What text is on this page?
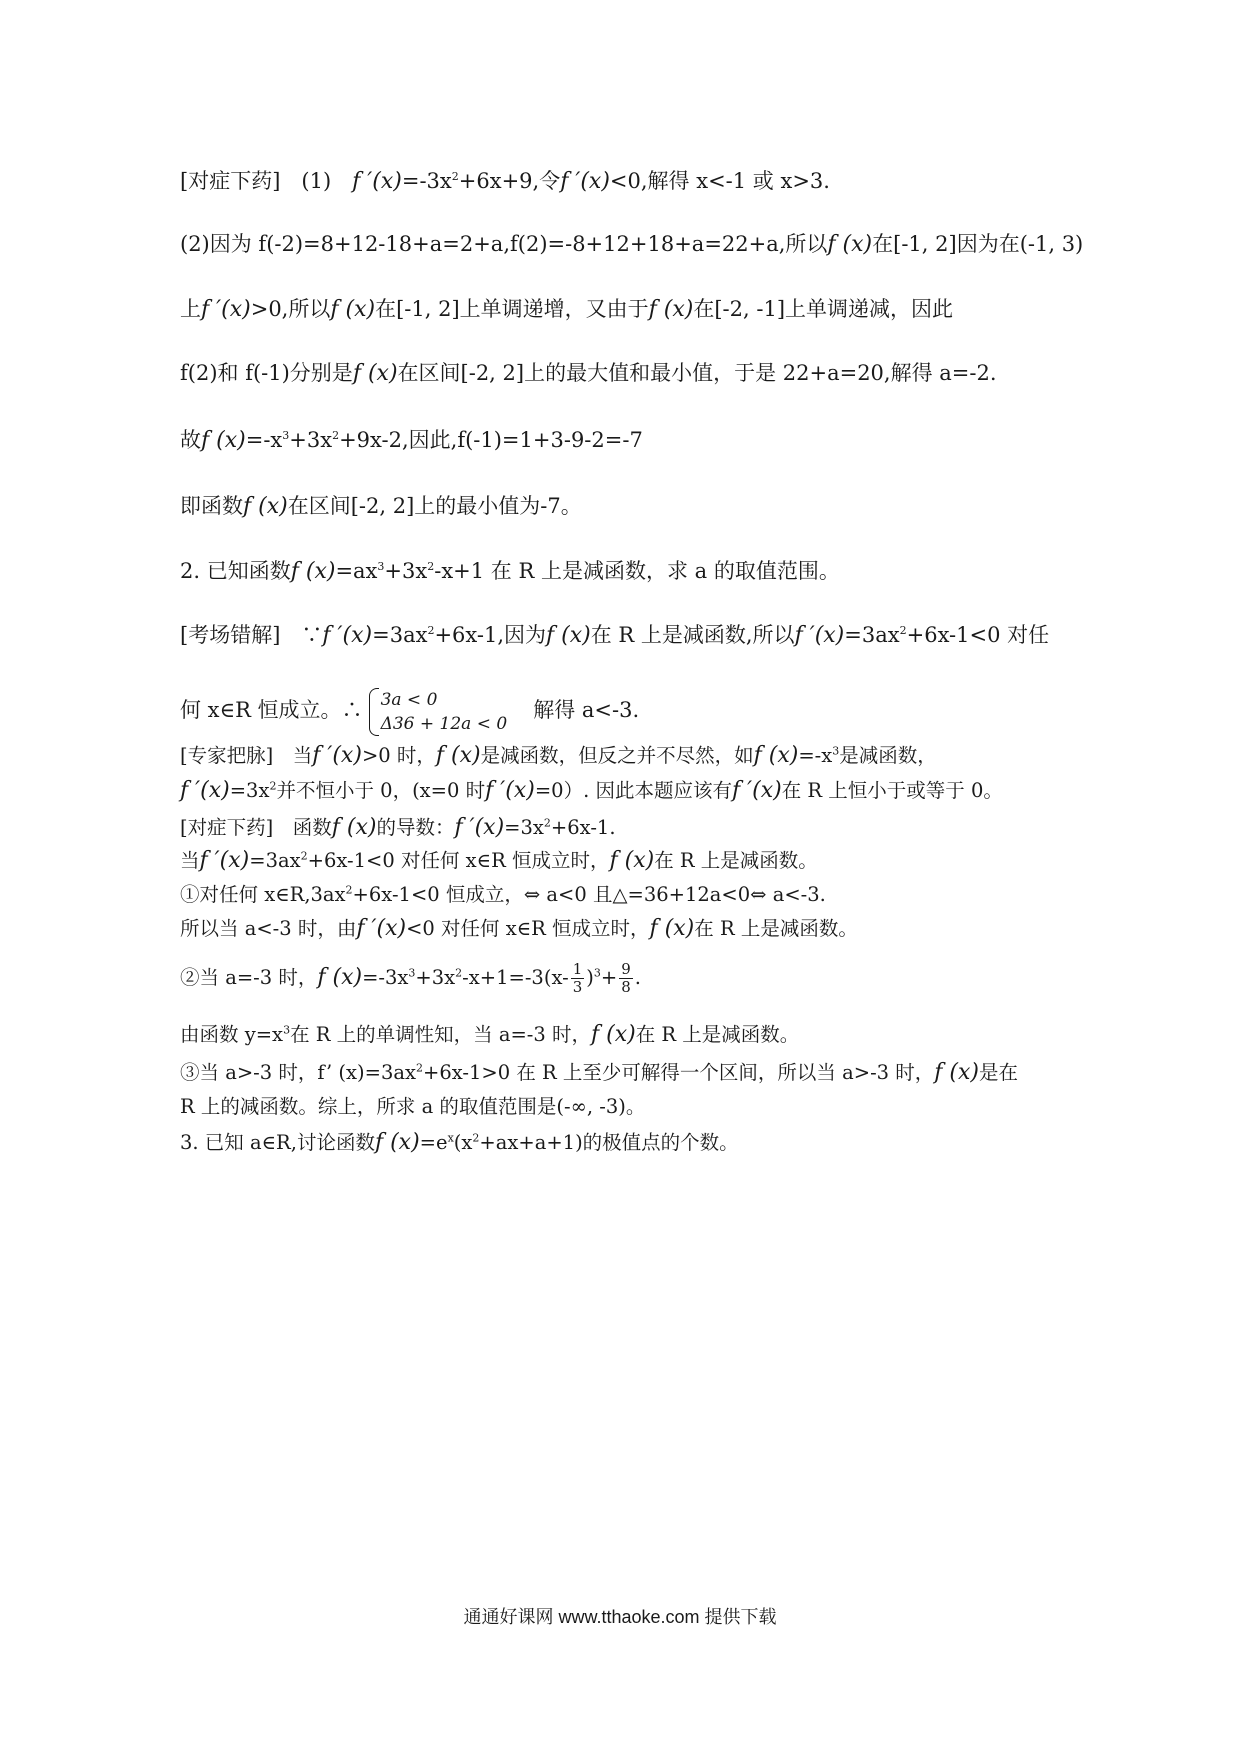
[对症下药]　(1)　f $'(x)=-3x^2+6x+9$,令f ′(x)<0,解得 x<-1 或 x>3.
(2)因为 f(-2)=8+12-18+a=2+a,f(2)=-8+12+18+a=22+a,所以f (x)在[-1, 2]因为在(-1, 3)
上f ′(x)>0,所以f (x)在[-1, 2]上单调递增，又由于f (x)在[-2, -1]上单调递减，因此
f(2)和 f(-1)分别是f (x)在区间[-2, 2]上的最大值和最小值，于是 22+a=20,解得 a=-2.
故f $(x)=-x^3+3x^2+9x-2$,因此,f(-1)=1+3-9-2=-7
即函数f (x)在区间[-2, 2]上的最小值为-7。
2. 已知函数f $(x)=ax^3+3x^2-x+1$ 在 R 上是减函数，求 a 的取值范围。
[考场错解]　∵f $'(x)=3ax^2+6x-1$,因为f (x)在 R 上是减函数,所以f $'(x)=3ax^2+6x-1<0$ 对任
何 x∈R 恒成立。∴ 3a < 0
Δ36 + 12a < 0
解得 a<-3.
[专家把脉]　当f ′(x)>0 时，f (x)是减函数，但反之并不尽然，如f $(x)=-x^3$是减函数，
f $'(x)=3x^2$并不恒小于 0，(x=0 时f ′(x)=0）. 因此本题应该有f ′(x)在 R 上恒小于或等于 0。
[对症下药]　函数f (x)的导数：f $'(x)=3x^2+6x-1$.
当f $'(x)=3ax^2+6x-1<0$ 对任何 x∈R 恒成立时，f (x)在 R 上是减函数。
①对任何 $x\in R,3ax^2+6x-1<0$ 恒成立，⇔ a<0 且△=36+12a<0⇔ a<-3.
所以当 a<-3 时，由f ′(x)<0 对任何 x∈R 恒成立时，f (x)在 R 上是减函数。
②当 a=-3 时，f $(x)=-3x^3+3x^2-x+1=-3(x- \frac{1}{3} )^3+ \frac{9}{8}$ .
由函数 $y=x^3$在 R 上的单调性知，当 a=-3 时，f (x)在 R 上是减函数。
③当 a>-3 时，f’ $(x)=3ax^2+6x-1>0$ 在 R 上至少可解得一个区间，所以当 a>-3 时，f (x)是在
R 上的减函数。综上，所求 a 的取值范围是(-∞, -3)。
3. 已知 a∈R,讨论函数f $(x)=e^x(x^2+ax+a+1)$的极值点的个数。
通通好课网 www.tthaoke.com 提供下载
